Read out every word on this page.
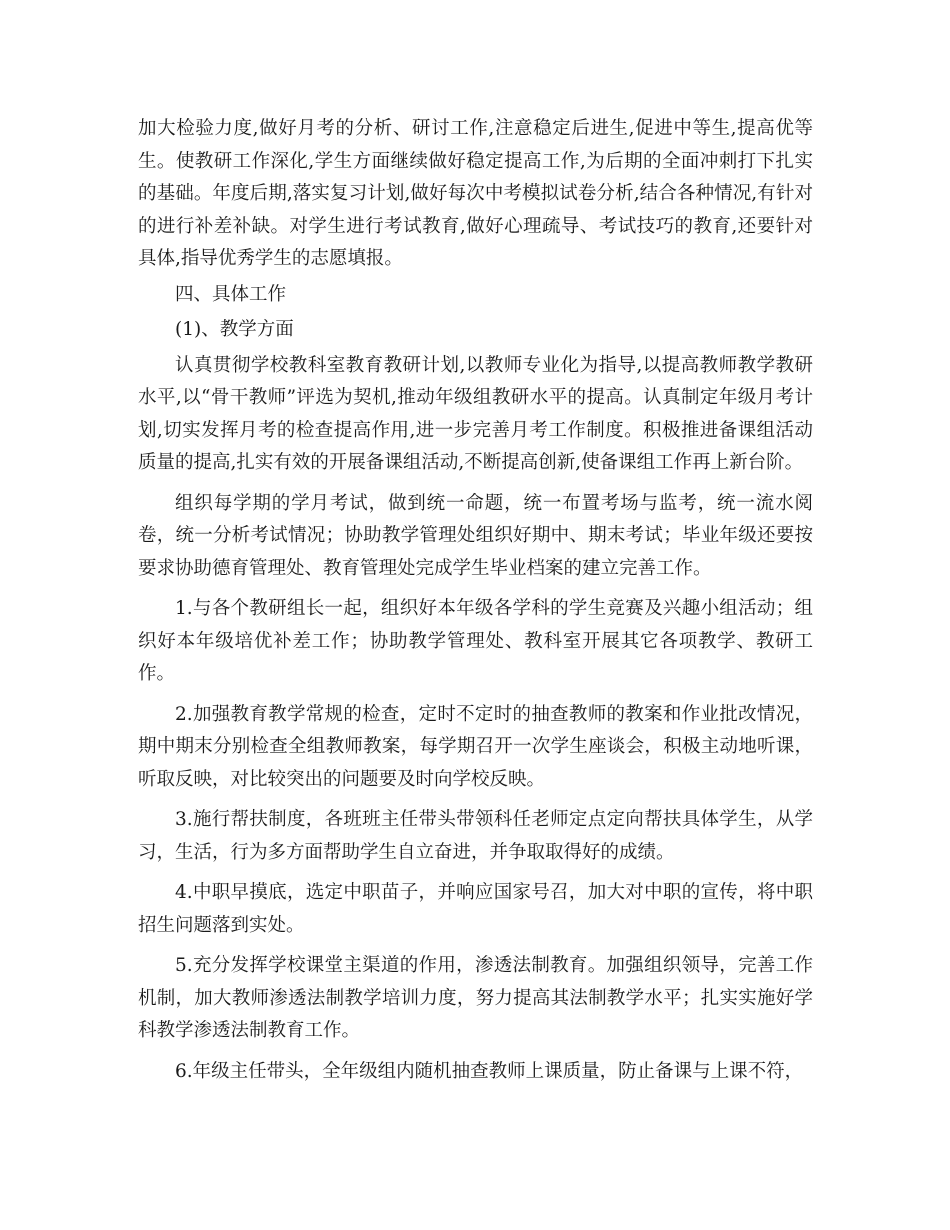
加大检验力度,做好月考的分析、研讨工作,注意稳定后进生,促进中等生,提高优等生。使教研工作深化,学生方面继续做好稳定提高工作,为后期的全面冲刺打下扎实的基础。年度后期,落实复习计划,做好每次中考模拟试卷分析,结合各种情况,有针对的进行补差补缺。对学生进行考试教育,做好心理疏导、考试技巧的教育,还要针对具体,指导优秀学生的志愿填报。

四、具体工作

(1)、教学方面

认真贯彻学校教科室教育教研计划,以教师专业化为指导,以提高教师教学教研水平,以“骨干教师”评选为契机,推动年级组教研水平的提高。认真制定年级月考计划,切实发挥月考的检查提高作用,进一步完善月考工作制度。积极推进备课组活动质量的提高,扎实有效的开展备课组活动,不断提高创新,使备课组工作再上新台阶。

组织每学期的学月考试，做到统一命题，统一布置考场与监考，统一流水阅卷，统一分析考试情况；协助教学管理处组织好期中、期末考试；毕业年级还要按要求协助德育管理处、教育管理处完成学生毕业档案的建立完善工作。

1.与各个教研组长一起，组织好本年级各学科的学生竞赛及兴趣小组活动；组织好本年级培优补差工作；协助教学管理处、教科室开展其它各项教学、教研工作。

2.加强教育教学常规的检查，定时不定时的抽查教师的教案和作业批改情况，期中期末分别检查全组教师教案，每学期召开一次学生座谈会，积极主动地听课，听取反映，对比较突出的问题要及时向学校反映。

3.施行帮扶制度，各班班主任带头带领科任老师定点定向帮扶具体学生，从学习，生活，行为多方面帮助学生自立奋进，并争取取得好的成绩。

4.中职早摸底，选定中职苗子，并响应国家号召，加大对中职的宣传，将中职招生问题落到实处。

5.充分发挥学校课堂主渠道的作用，渗透法制教育。加强组织领导，完善工作机制，加大教师渗透法制教学培训力度，努力提高其法制教学水平；扎实实施好学科教学渗透法制教育工作。

6.年级主任带头，全年级组内随机抽查教师上课质量，防止备课与上课不符，
